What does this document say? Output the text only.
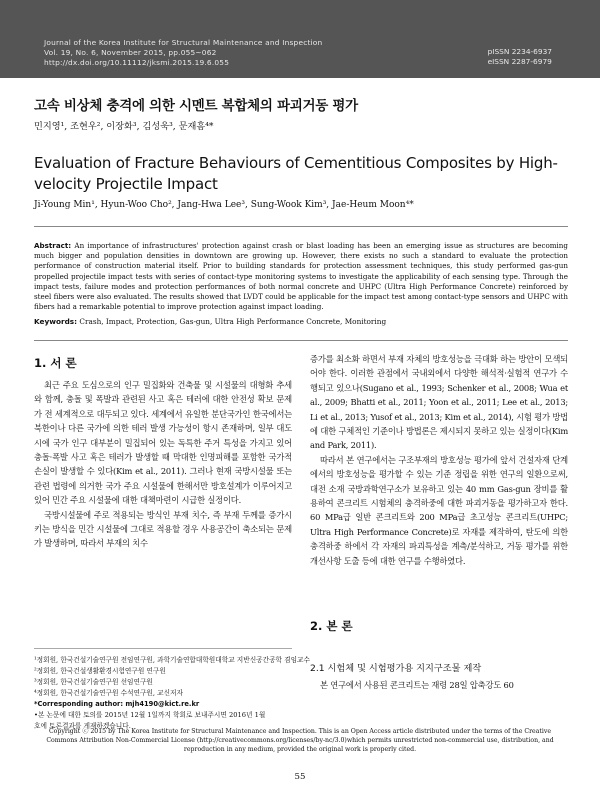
Journal of the Korea Institute for Structural Maintenance and Inspection
Vol. 19, No. 6, November 2015, pp.055~062
http://dx.doi.org/10.11112/jksmi.2015.19.6.055
pISSN 2234-6937
eISSN 2287-6979
고속 비상체 충격에 의한 시멘트 복합체의 파괴거동 평가
민지영¹, 조현우², 이장화³, 김성욱³, 문재흠⁴*
Evaluation of Fracture Behaviours of Cementitious Composites by High-velocity Projectile Impact
Ji-Young Min¹, Hyun-Woo Cho², Jang-Hwa Lee³, Sung-Wook Kim³, Jae-Heum Moon⁴*
Abstract: An importance of infrastructures' protection against crash or blast loading has been an emerging issue as structures are becoming much bigger and population densities in downtown are growing up. However, there exists no such a standard to evaluate the protection performance of construction material itself. Prior to building standards for protection assessment techniques, this study performed gas-gun propelled projectile impact tests with series of contact-type monitoring systems to investigate the applicability of each sensing type. Through the impact tests, failure modes and protection performances of both normal concrete and UHPC (Ultra High Performance Concrete) reinforced by steel fibers were also evaluated. The results showed that LVDT could be applicable for the impact test among contact-type sensors and UHPC with fibers had a remarkable potential to improve protection against impact loading.
Keywords: Crash, Impact, Protection, Gas-gun, Ultra High Performance Concrete, Monitoring
1. 서 론

최근 주요 도심으로의 인구 밀집화와 건축물 및 시설물의 대형화 추세와 함께, 충돌 및 폭발과 관련된 사고 혹은 테러에 대한 안전성 확보 문제가 전 세계적으로 대두되고 있다. 세계에서 유일한 분단국가인 한국에서는 북한이나 다른 국가에 의한 테러 발생 가능성이 항시 존재하며, 일부 대도시에 국가 인구 대부분이 밀집되어 있는 독특한 주거 특성을 가지고 있어 충돌·폭발 사고 혹은 테러가 발생할 때 막대한 인명피해를 포함한 국가적 손실이 발생할 수 있다(Kim et al., 2011). 그러나 현재 국방시설물 또는 관련 법령에 의거한 국가 주요 시설물에 한해서만 방호설계가 이루어지고 있어 민간 주요 시설물에 대한 대책마련이 시급한 실정이다.

국방시설물에 주로 적용되는 방식인 부재 치수, 즉 부재 두께를 증가시키는 방식을 민간 시설물에 그대로 적용할 경우 사용공간이 축소되는 문제가 발생하며, 따라서 부재의 치수

증가를 최소화 하면서 부재 자체의 방호성능을 극대화 하는 방안이 모색되어야 한다. 이러한 관점에서 국내외에서 다양한 해석적·실험적 연구가 수행되고 있으나(Sugano et al., 1993; Schenker et al., 2008; Wua et al., 2009; Bhatti et al., 2011; Yoon et al., 2011; Lee et al., 2013; Li et al., 2013; Yusof et al., 2013; Kim et al., 2014), 시험 평가 방법에 대한 구체적인 기준이나 방법론은 제시되지 못하고 있는 실정이다(Kim and Park, 2011).

따라서 본 연구에서는 구조부재의 방호성능 평가에 앞서 건설자재 단계에서의 방호성능을 평가할 수 있는 기준 정립을 위한 연구의 일환으로써, 대전 소재 국방과학연구소가 보유하고 있는 40 mm Gas-gun 장비를 활용하여 콘크리트 시험체의 충격하중에 대한 파괴거동을 평가하고자 한다. 60 MPa급 일반 콘크리트와 200 MPa급 초고성능 콘크리트(UHPC; Ultra High Performance Concrete)로 자재를 제작하여, 탄도에 의한 충격하중 하에서 각 자재의 파괴특성을 계측/분석하고, 거동 평가를 위한 개선사항 도출 등에 대한 연구를 수행하였다.

2. 본 론
2.1 시험체 및 시험평가용 지지구조물 제작

본 연구에서 사용된 콘크리트는 재령 28일 압축강도 60

¹정회원, 한국건설기술연구원 전임연구원, 과학기술연합대학원대학교 지반신공간공학 겸임교수
²정회원, 한국건설생활환경시험연구원 연구원
³정회원, 한국건설기술연구원 선임연구원
⁴정회원, 한국건설기술연구원 수석연구원, 교신저자
*Corresponding author: mjh4190@kict.re.kr
•본 논문에 대한 토의를 2015년 12월 1일까지 학회로 보내주시면 2016년 1월
호에 토론결과를 게재하겠습니다.
Copyright ⓒ 2015 by The Korea Institute for Structural Maintenance and Inspection. This is an Open Access article distributed under the terms of the Creative Commons Attribution Non-Commercial License (http://creativecommons.org/licenses/by-nc/3.0)which permits unrestricted non-commercial use, distribution, and reproduction in any medium, provided the original work is properly cited.
55
